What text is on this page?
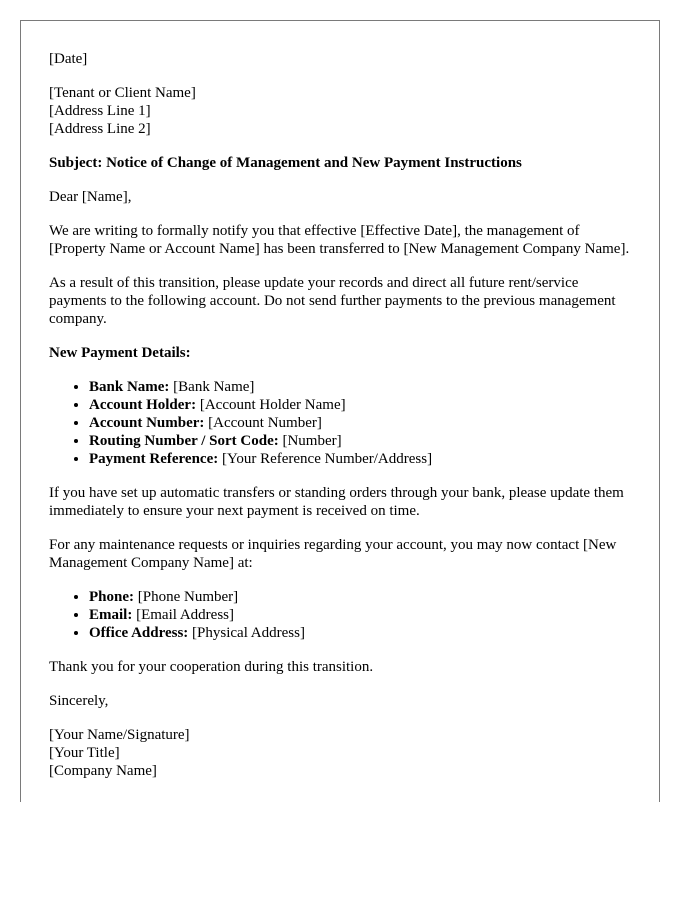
[Date]

[Tenant or Client Name]
[Address Line 1]
[Address Line 2]

Subject: Notice of Change of Management and New Payment Instructions

Dear [Name],

We are writing to formally notify you that effective [Effective Date], the management of [Property Name or Account Name] has been transferred to [New Management Company Name].

As a result of this transition, please update your records and direct all future rent/service payments to the following account. Do not send further payments to the previous management company.

New Payment Details:

• Bank Name: [Bank Name]
• Account Holder: [Account Holder Name]
• Account Number: [Account Number]
• Routing Number / Sort Code: [Number]
• Payment Reference: [Your Reference Number/Address]

If you have set up automatic transfers or standing orders through your bank, please update them immediately to ensure your next payment is received on time.

For any maintenance requests or inquiries regarding your account, you may now contact [New Management Company Name] at:

• Phone: [Phone Number]
• Email: [Email Address]
• Office Address: [Physical Address]

Thank you for your cooperation during this transition.

Sincerely,

[Your Name/Signature]
[Your Title]
[Company Name]
